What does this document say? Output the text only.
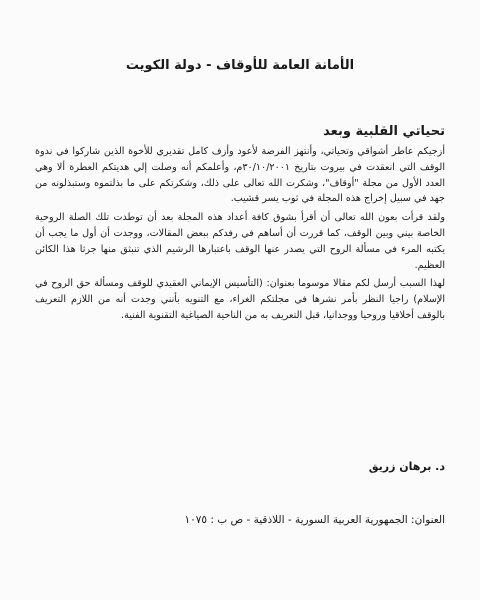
الأمانة العامة للأوقاف - دولة الكويت
تحياتي القلبية وبعد

أزجيكم عاطر أشواقي وتحياتي، وأنتهز الفرصة لأعود وأزف كامل تقديري للأخوة الذين شاركوا في ندوة الوقف التي انعقدت في بيروت بتاريخ ٣٠/١٠/٢٠٠١م، وأعلمكم أنه وصلت إلي هديتكم العطرة ألا وهي العدد الأول من مجلة "أوقاف"، وشكرت الله تعالى على ذلك، وشكرتكم على ما بذلتموه وستبذلونه من جهد في سبيل إخراج هذه المجلة في ثوب يسر قشيب.

ولقد قرأت بعون الله تعالى أن أقرأ بشوق كافة أعداد هذه المجلة بعد أن توطدت تلك الصلة الروحية الخاصة بيني وبين الوقف، كما قررت أن أساهم في رفدكم ببعض المقالات، ووجدت أن أول ما يجب أن يكتبه المرء في مسألة الروح التي يصدر عنها الوقف باعتبارها الرشيم الذي تنبثق منها جرثا هذا الكائن العظيم.

لهذا السبب أرسل لكم مقالا موسوما بعنوان: (التأسيس الإيماني العقيدي للوقف ومسألة حق الروح في الإسلام) راجيا النظر بأمر نشرها في مجلتكم الغراء، مع التنويه بأنني وجدت أنه من اللازم التعريف بالوقف أخلاقيا وروحيا ووجدانيا، قبل التعريف به من الناحية الصياغية التقنوية الفنية.

د. برهان زريق
العنوان: الجمهورية العربية السورية - اللاذقية - ص ب : ١٠٧٥
